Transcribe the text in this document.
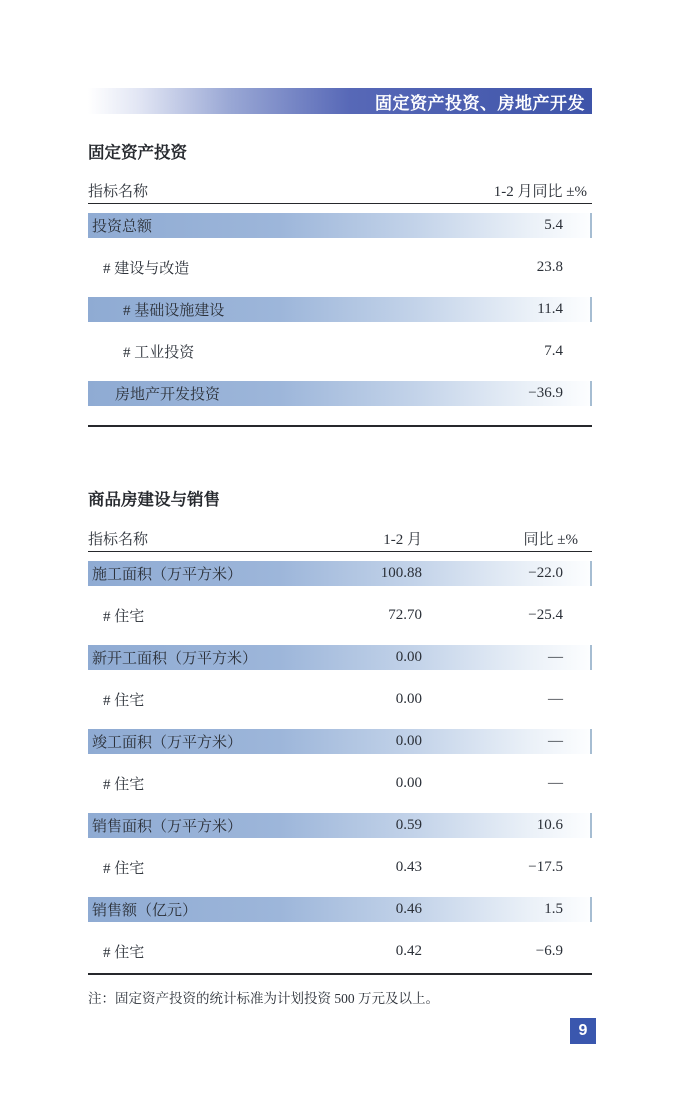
固定资产投资、房地产开发
固定资产投资
指标名称	1-2 月同比 ±%
投资总额	5.4
# 建设与改造	23.8
# 基础设施建设	11.4
# 工业投资	7.4
房地产开发投资	−36.9
商品房建设与销售
指标名称	1-2 月	同比 ±%
施工面积（万平方米）	100.88	−22.0
# 住宅	72.70	−25.4
新开工面积（万平方米）	0.00	—
# 住宅	0.00	—
竣工面积（万平方米）	0.00	—
# 住宅	0.00	—
销售面积（万平方米）	0.59	10.6
# 住宅	0.43	−17.5
销售额（亿元）	0.46	1.5
# 住宅	0.42	−6.9
注：固定资产投资的统计标准为计划投资 500 万元及以上。
9
